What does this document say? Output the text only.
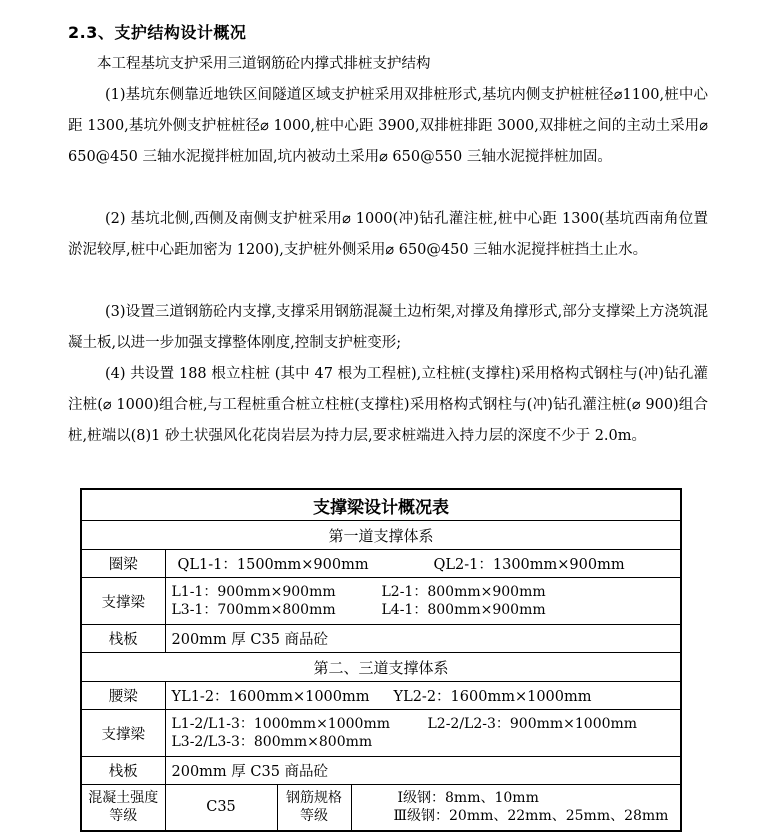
2.3、支护结构设计概况
本工程基坑支护采用三道钢筋砼内撑式排桩支护结构
(1)基坑东侧靠近地铁区间隧道区域支护桩采用双排桩形式,基坑内侧支护桩桩径⌀1100,桩中心距 1300,基坑外侧支护桩桩径⌀ 1000,桩中心距 3900,双排桩排距 3000,双排桩之间的主动土采用⌀ 650@450 三轴水泥搅拌桩加固,坑内被动土采用⌀ 650@550 三轴水泥搅拌桩加固。
(2) 基坑北侧,西侧及南侧支护桩采用⌀ 1000(冲)钻孔灌注桩,桩中心距 1300(基坑西南角位置淤泥较厚,桩中心距加密为 1200),支护桩外侧采用⌀ 650@450 三轴水泥搅拌桩挡土止水。
(3)设置三道钢筋砼内支撑,支撑采用钢筋混凝土边桁架,对撑及角撑形式,部分支撑梁上方浇筑混凝土板,以进一步加强支撑整体刚度,控制支护桩变形;
(4) 共设置 188 根立柱桩 (其中 47 根为工程桩),立柱桩(支撑柱)采用格构式钢柱与(冲)钻孔灌注桩(⌀ 1000)组合桩,与工程桩重合桩立柱桩(支撑柱)采用格构式钢柱与(冲)钻孔灌注桩(⌀ 900)组合桩,桩端以(8)1 砂土状强风化花岗岩层为持力层,要求桩端进入持力层的深度不少于 2.0m。
支撑梁设计概况表			
第一道支撑体系			
圈梁	QL1-1：1500mm×900mm QL2-1：1300mm×900mm		

支撑梁	L1-1：900mm×900mm L2-1：800mm×900mm
L3-1：700mm×800mm L4-1：800mm×900mm		

栈板	200mm 厚 C35 商品砼		
第二、三道支撑体系			
腰梁	YL1-2：1600mm×1000mm YL2-2：1600mm×1000mm		

支撑梁	L1-2/L1-3：1000mm×1000mm L2-2/L2-3：900mm×1000mm
L3-2/L3-3：800mm×800mm		

栈板	200mm 厚 C35 商品砼		
混凝土强度等级	C35	钢筋规格等级	Ⅰ级钢：8mm、10mm
Ⅲ级钢：20mm、22mm、25mm、28mm
